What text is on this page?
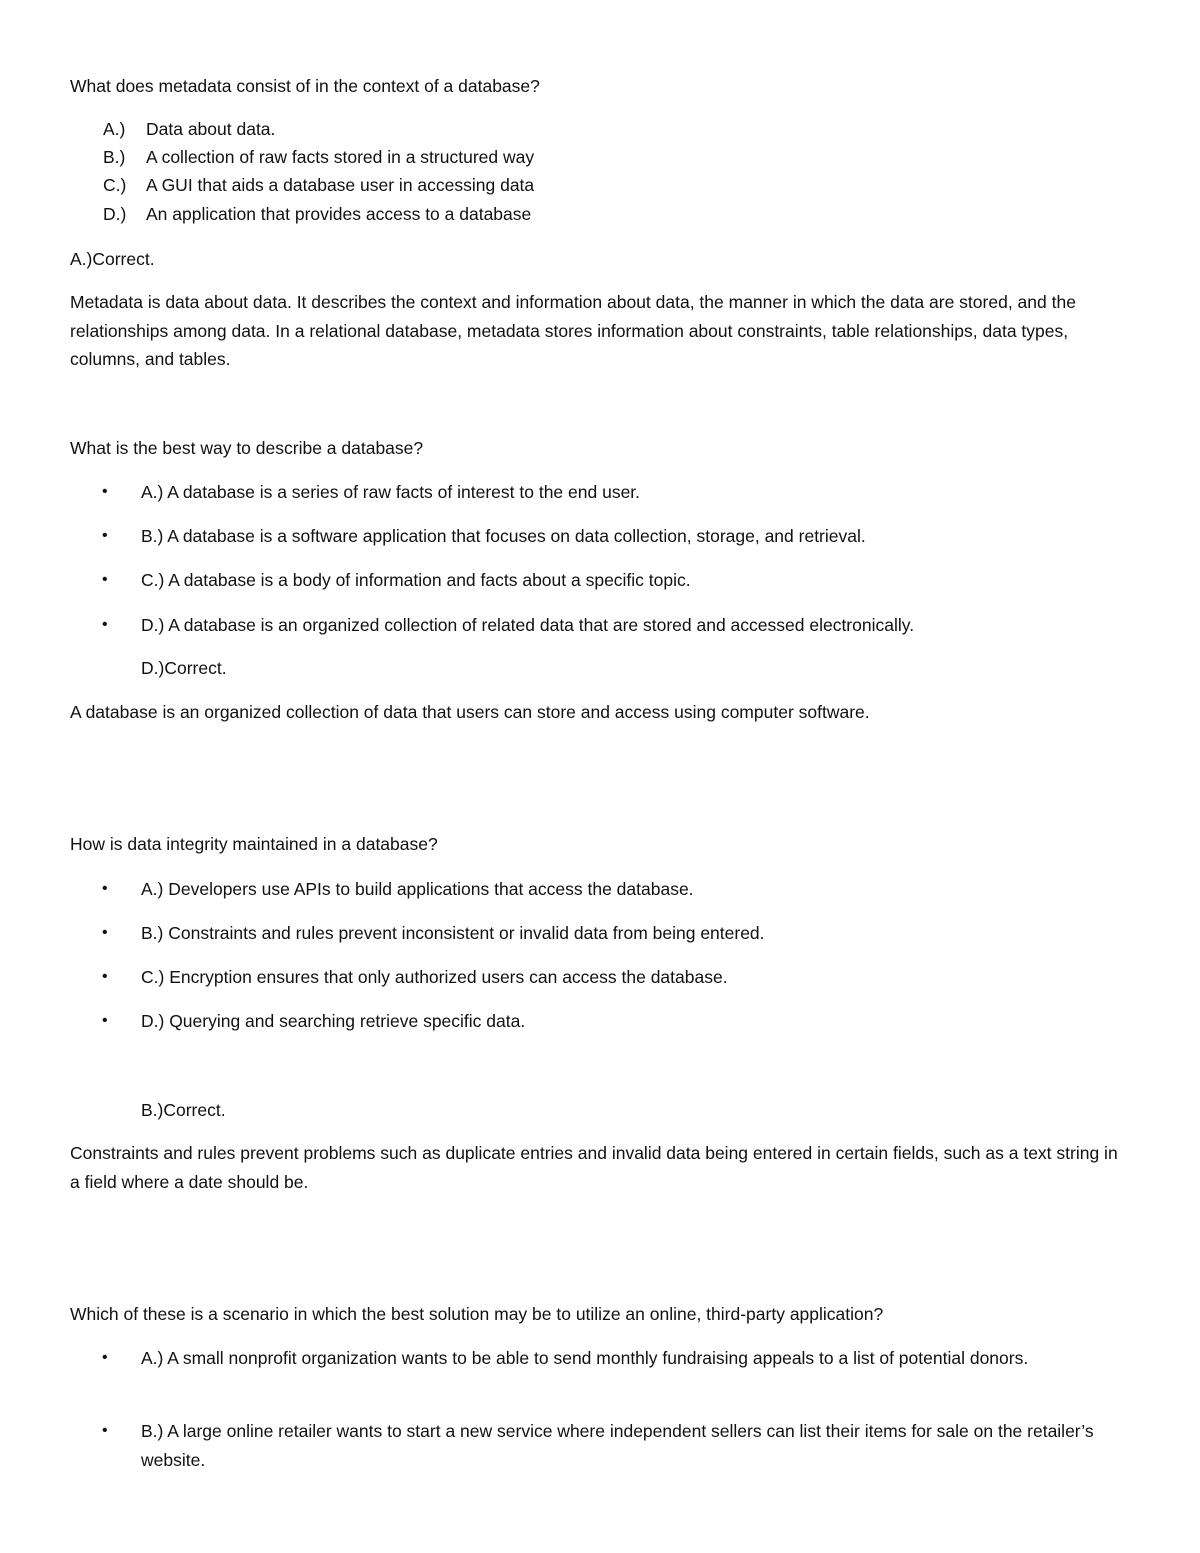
What does metadata consist of in the context of a database?
A.) Data about data.
B.) A collection of raw facts stored in a structured way
C.) A GUI that aids a database user in accessing data
D.) An application that provides access to a database
A.)Correct.
Metadata is data about data. It describes the context and information about data, the manner in which the data are stored, and the relationships among data. In a relational database, metadata stores information about constraints, table relationships, data types, columns, and tables.
What is the best way to describe a database?
• A.) A database is a series of raw facts of interest to the end user.
• B.) A database is a software application that focuses on data collection, storage, and retrieval.
• C.) A database is a body of information and facts about a specific topic.
• D.) A database is an organized collection of related data that are stored and accessed electronically.
D.)Correct.
A database is an organized collection of data that users can store and access using computer software.
How is data integrity maintained in a database?
• A.) Developers use APIs to build applications that access the database.
• B.) Constraints and rules prevent inconsistent or invalid data from being entered.
• C.) Encryption ensures that only authorized users can access the database.
• D.) Querying and searching retrieve specific data.
B.)Correct.
Constraints and rules prevent problems such as duplicate entries and invalid data being entered in certain fields, such as a text string in a field where a date should be.
Which of these is a scenario in which the best solution may be to utilize an online, third-party application?
• A.) A small nonprofit organization wants to be able to send monthly fundraising appeals to a list of potential donors.
• B.) A large online retailer wants to start a new service where independent sellers can list their items for sale on the retailer’s website.
